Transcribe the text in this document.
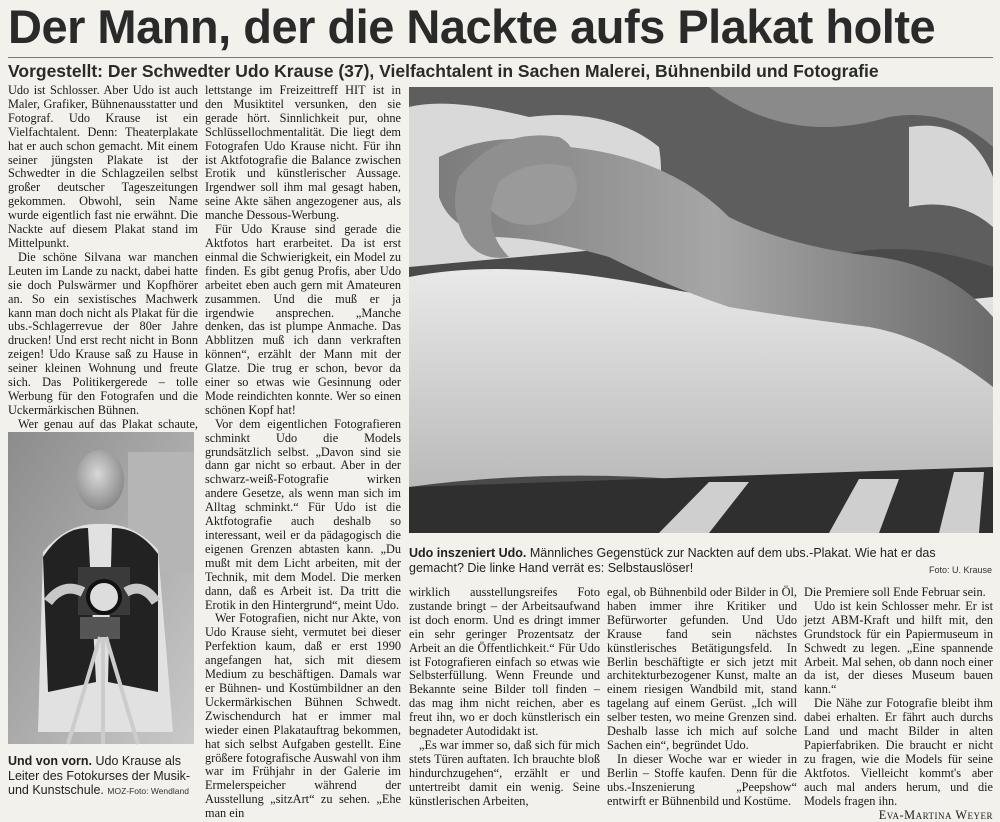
Der Mann, der die Nackte aufs Plakat holte
Vorgestellt: Der Schwedter Udo Krause (37), Vielfachtalent in Sachen Malerei, Bühnenbild und Fotografie

Udo ist Schlosser. Aber Udo ist auch Maler, Grafiker, Bühnenausstatter und Fotograf. Udo Krause ist ein Vielfachtalent. Denn: Theaterplakate hat er auch schon gemacht. Mit einem seiner jüngsten Plakate ist der Schwedter in die Schlagzeilen selbst großer deutscher Tageszeitungen gekommen. Obwohl, sein Name wurde eigentlich fast nie erwähnt. Die Nackte auf diesem Plakat stand im Mittelpunkt.

Die schöne Silvana war manchen Leuten im Lande zu nackt, dabei hatte sie doch Pulswärmer und Kopfhörer an. So ein sexistisches Machwerk kann man doch nicht als Plakat für die ubs.-Schlagerrevue der 80er Jahre drucken! Und erst recht nicht in Bonn zeigen! Udo Krause saß zu Hause in seiner kleinen Wohnung und freute sich. Das Politikergerede – tolle Werbung für den Fotografen und die Uckermärkischen Bühnen.

Wer genau auf das Plakat schaute,

Und von vorn. Udo Krause als Leiter des Fotokurses der Musik- und Kunstschule. MOZ-Foto: Wendland

lettstange im Freizeittreff HIT ist in den Musiktitel versunken, den sie gerade hört. Sinnlichkeit pur, ohne Schlüssellochmentalität. Die liegt dem Fotografen Udo Krause nicht. Für ihn ist Aktfotografie die Balance zwischen Erotik und künstlerischer Aussage. Irgendwer soll ihm mal gesagt haben, seine Akte sähen angezogener aus, als manche Dessous-Werbung.

Für Udo Krause sind gerade die Aktfotos hart erarbeitet. Da ist erst einmal die Schwierigkeit, ein Model zu finden. Es gibt genug Profis, aber Udo arbeitet eben auch gern mit Amateuren zusammen. Und die muß er ja irgendwie ansprechen. „Manche denken, das ist plumpe Anmache. Das Abblitzen muß ich dann verkraften können“, erzählt der Mann mit der Glatze. Die trug er schon, bevor da einer so etwas wie Gesinnung oder Mode reindichten konnte. Wer so einen schönen Kopf hat!

Vor dem eigentlichen Fotografieren schminkt Udo die Models grundsätzlich selbst. „Davon sind sie dann gar nicht so erbaut. Aber in der schwarz-weiß-Fotografie wirken andere Gesetze, als wenn man sich im Alltag schminkt.“ Für Udo ist die Aktfotografie auch deshalb so interessant, weil er da pädagogisch die eigenen Grenzen abtasten kann. „Du mußt mit dem Licht arbeiten, mit der Technik, mit dem Model. Die merken dann, daß es Arbeit ist. Da tritt die Erotik in den Hintergrund“, meint Udo.

Wer Fotografien, nicht nur Akte, von Udo Krause sieht, vermutet bei dieser Perfektion kaum, daß er erst 1990 angefangen hat, sich mit diesem Medium zu beschäftigen. Damals war er Bühnen- und Kostümbildner an den Uckermärkischen Bühnen Schwedt. Zwischendurch hat er immer mal wieder einen Plakatauftrag bekommen, hat sich selbst Aufgaben gestellt. Eine größere fotografische Auswahl von ihm war im Frühjahr in der Galerie im Ermelerspeicher während der Ausstellung „sitzArt“ zu sehen. „Ehe man ein

Udo inszeniert Udo. Männliches Gegenstück zur Nackten auf dem ubs.-Plakat. Wie hat er das gemacht? Die linke Hand verrät es: Selbstauslöser!	Foto: U. Krause

wirklich ausstellungsreifes Foto zustande bringt – der Arbeitsaufwand ist doch enorm. Und es dringt immer ein sehr geringer Prozentsatz der Arbeit an die Öffentlichkeit.“ Für Udo ist Fotografieren einfach so etwas wie Selbsterfüllung. Wenn Freunde und Bekannte seine Bilder toll finden – das mag ihm nicht reichen, aber es freut ihn, wo er doch künstlerisch ein begnadeter Autodidakt ist.

„Es war immer so, daß sich für mich stets Türen auftaten. Ich brauchte bloß hindurchzugehen“, erzählt er und untertreibt damit ein wenig. Seine künstlerischen Arbeiten,

egal, ob Bühnenbild oder Bilder in Öl, haben immer ihre Kritiker und Befürworter gefunden. Und Udo Krause fand sein nächstes künstlerisches Betätigungsfeld. In Berlin beschäftigte er sich jetzt mit architekturbezogener Kunst, malte an einem riesigen Wandbild mit, stand tagelang auf einem Gerüst. „Ich will selber testen, wo meine Grenzen sind. Deshalb lasse ich mich auf solche Sachen ein“, begründet Udo.

In dieser Woche war er wieder in Berlin – Stoffe kaufen. Denn für die ubs.-Inszenierung „Peepshow“ entwirft er Bühnenbild und Kostüme.

Die Premiere soll Ende Februar sein.

Udo ist kein Schlosser mehr. Er ist jetzt ABM-Kraft und hilft mit, den Grundstock für ein Papiermuseum in Schwedt zu legen. „Eine spannende Arbeit. Mal sehen, ob dann noch einer da ist, der dieses Museum bauen kann.“

Die Nähe zur Fotografie bleibt ihm dabei erhalten. Er fährt auch durchs Land und macht Bilder in alten Papierfabriken. Die braucht er nicht zu fragen, wie die Models für seine Aktfotos. Vielleicht kommt's aber auch mal anders herum, und die Models fragen ihn.

Eva-Martina Weyer
